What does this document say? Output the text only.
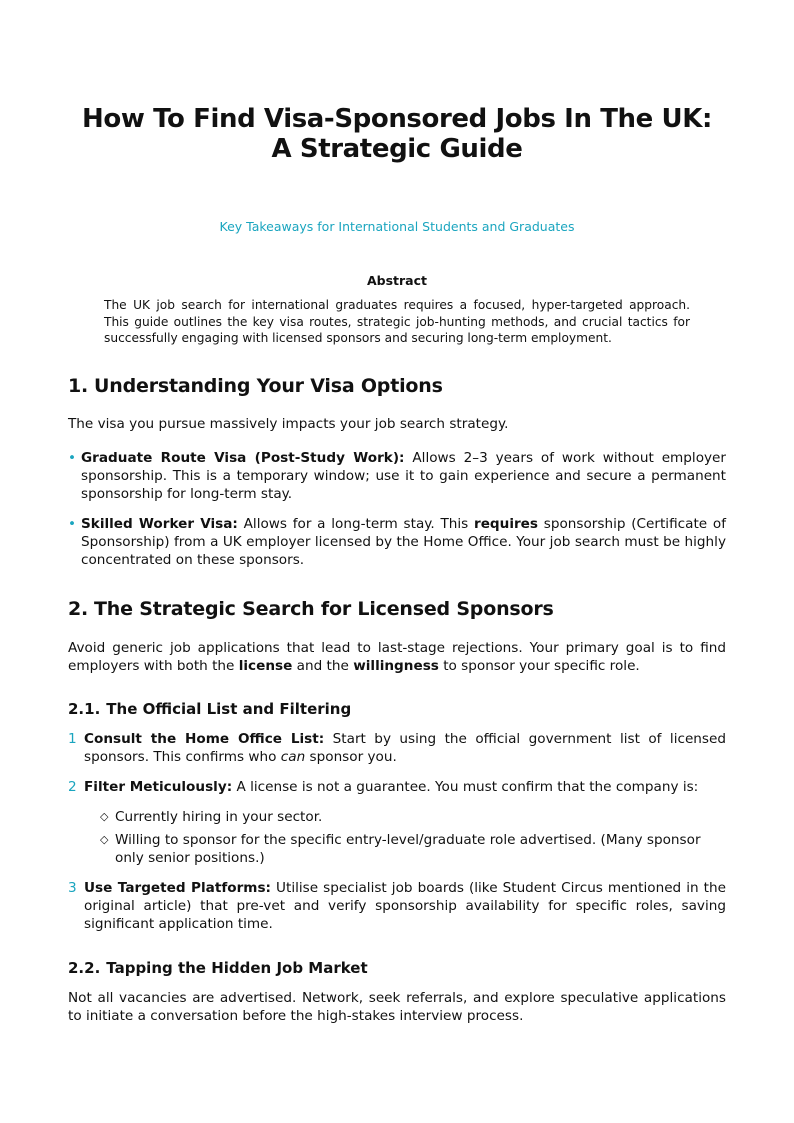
How To Find Visa-Sponsored Jobs In The UK: A Strategic Guide

Key Takeaways for International Students and Graduates

Abstract

The UK job search for international graduates requires a focused, hyper-targeted approach. This guide outlines the key visa routes, strategic job-hunting methods, and crucial tactics for successfully engaging with licensed sponsors and securing long-term employment.

1. Understanding Your Visa Options

The visa you pursue massively impacts your job search strategy.

• Graduate Route Visa (Post-Study Work): Allows 2–3 years of work without employer sponsorship. This is a temporary window; use it to gain experience and secure a permanent sponsorship for long-term stay.
• Skilled Worker Visa: Allows for a long-term stay. This requires sponsorship (Certificate of Sponsorship) from a UK employer licensed by the Home Office. Your job search must be highly concentrated on these sponsors.
2. The Strategic Search for Licensed Sponsors

Avoid generic job applications that lead to last-stage rejections. Your primary goal is to find employers with both the license and the willingness to sponsor your specific role.

2.1. The Official List and Filtering
1 Consult the Home Office List: Start by using the official government list of licensed sponsors. This confirms who can sponsor you.
2 Filter Meticulously: A license is not a guarantee. You must confirm that the company is:
◇ Currently hiring in your sector.
◇ Willing to sponsor for the specific entry-level/graduate role advertised. (Many sponsor only senior positions.)
3 Use Targeted Platforms: Utilise specialist job boards (like Student Circus mentioned in the original article) that pre-vet and verify sponsorship availability for specific roles, saving significant application time.
2.2. Tapping the Hidden Job Market

Not all vacancies are advertised. Network, seek referrals, and explore speculative applications to initiate a conversation before the high-stakes interview process.
